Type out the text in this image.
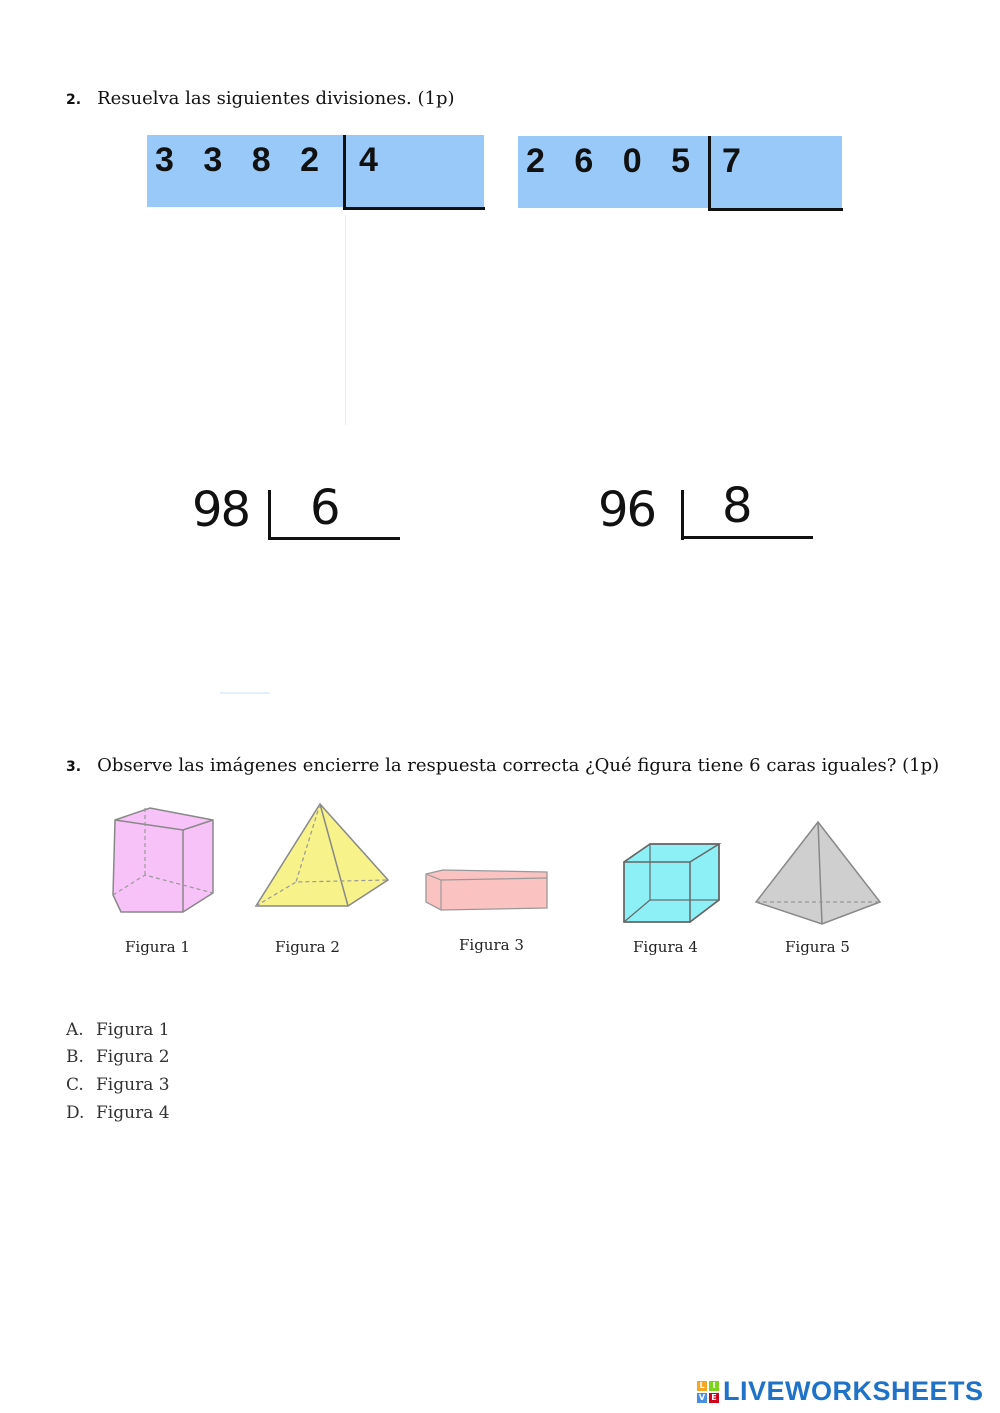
2. Resuelva las siguientes divisiones. (1p)
3 3 8 2 4	2 6 0 5 7
98 6	96 8
3. Observe las imágenes encierre la respuesta correcta ¿Qué figura tiene 6 caras iguales? (1p)
Figura 1	Figura 2	Figura 3	Figura 4	Figura 5
A. Figura 1
B. Figura 2
C. Figura 3
D. Figura 4
L I
V E LIVEWORKSHEETS
